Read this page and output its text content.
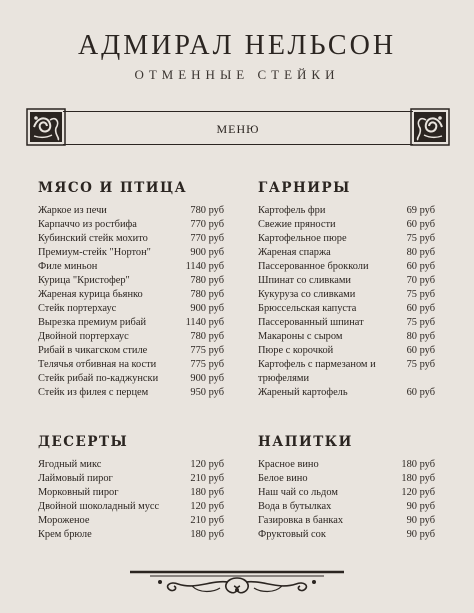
АДМИРАЛ НЕЛЬСОН
ОТМЕННЫЕ СТЕЙКИ
МЕНЮ
МЯСО И ПТИЦА
Жаркое из печи	780 руб
Карпаччо из ростбифа	770 руб
Кубинский стейк мохито	770 руб
Премиум-стейк "Нортон"	900 руб
Филе миньон	1140 руб
Курица "Кристофер"	780 руб
Жареная курица бьянко	780 руб
Стейк портерхаус	900 руб
Вырезка премиум рибай	1140 руб
Двойной портерхаус	780 руб
Рибай в чикагском стиле	775 руб
Телячья отбивная на кости	775 руб
Стейк рибай по-каджунски	900 руб
Стейк из филея с перцем	950 руб
ГАРНИРЫ
Картофель фри	69 руб
Свежие пряности	60 руб
Картофельное пюре	75 руб
Жареная спаржа	80 руб
Пассерованное брокколи	60 руб
Шпинат со сливками	70 руб
Кукуруза со сливками	75 руб
Брюссельская капуста	60 руб
Пассерованный шпинат	75 руб
Макароны с сыром	80 руб
Пюре с корочкой	60 руб
Картофель с пармезаном и трюфелями
75 руб
Жареный картофель	60 руб
ДЕСЕРТЫ
Ягодный микс	120 руб
Лаймовый пирог	210 руб
Морковный пирог	180 руб
Двойной шоколадный мусс	120 руб
Мороженое	210 руб
Крем брюле	180 руб
НАПИТКИ
Красное вино	180 руб
Белое вино	180 руб
Наш чай со льдом	120 руб
Вода в бутылках	90 руб
Газировка в банках	90 руб
Фруктовый сок	90 руб
